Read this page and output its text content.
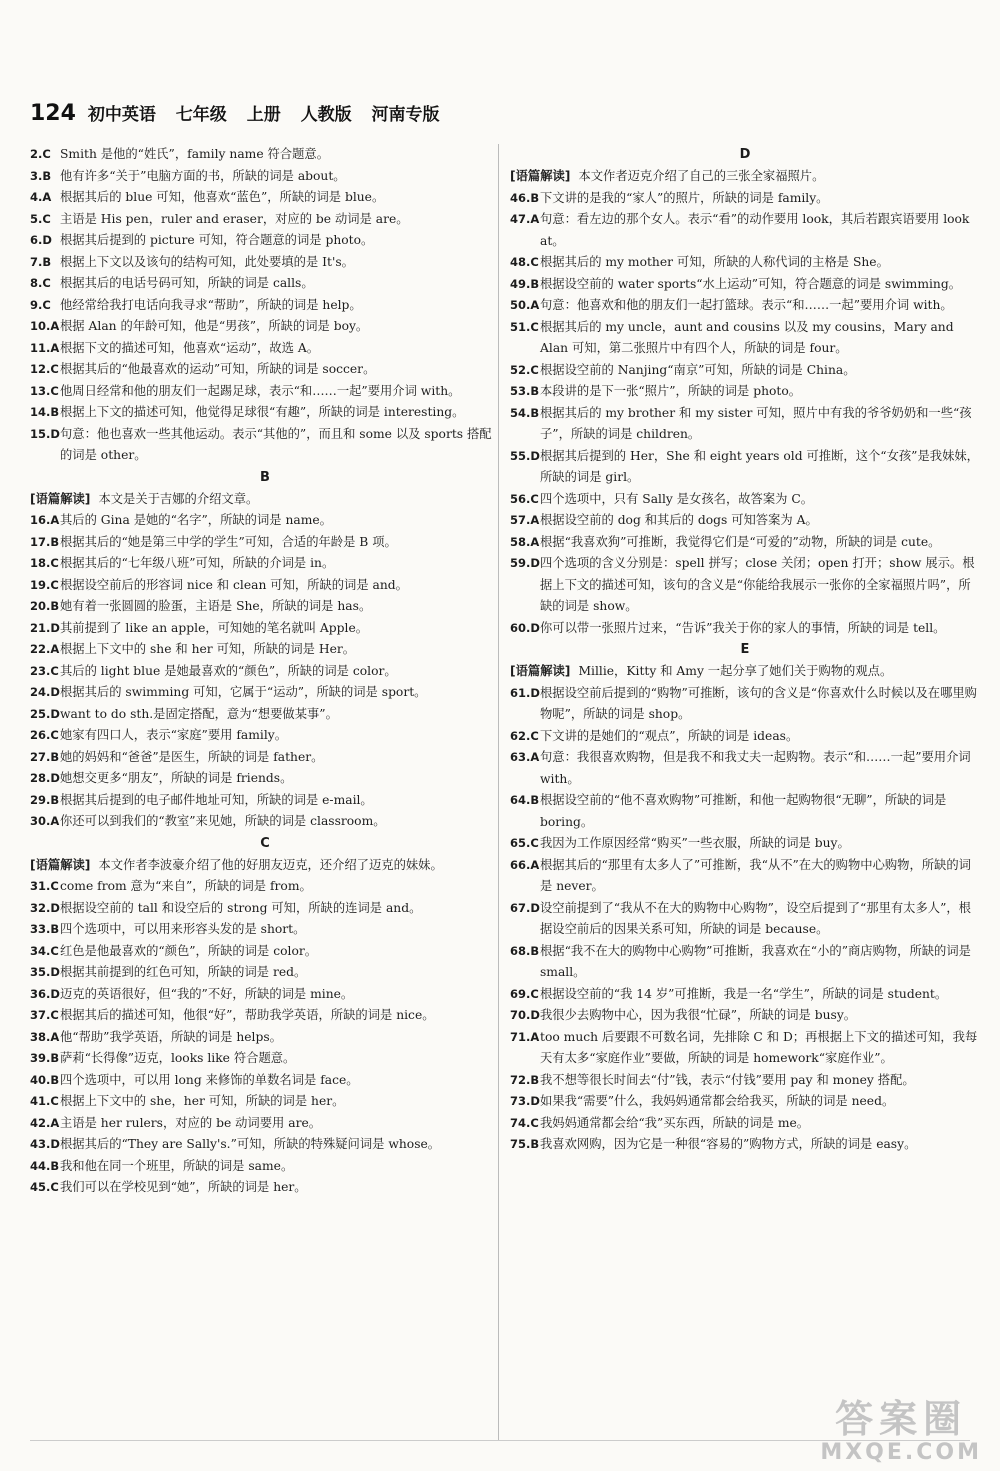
124 初中英语 七年级 上册 人教版 河南专版
2.C Smith 是他的“姓氏”，family name 符合题意。
3.B 他有许多“关于”电脑方面的书，所缺的词是 about。
4.A 根据其后的 blue 可知，他喜欢“蓝色”，所缺的词是 blue。
5.C 主语是 His pen，ruler and eraser，对应的 be 动词是 are。
6.D 根据其后提到的 picture 可知，符合题意的词是 photo。
7.B 根据上下文以及该句的结构可知，此处要填的是 It's。
8.C 根据其后的电话号码可知，所缺的词是 calls。
9.C 他经常给我打电话向我寻求“帮助”，所缺的词是 help。
10.A 根据 Alan 的年龄可知，他是“男孩”，所缺的词是 boy。
11.A 根据下文的描述可知，他喜欢“运动”，故选 A。
12.C 根据其后的“他最喜欢的运动”可知，所缺的词是 soccer。
13.C 他周日经常和他的朋友们一起踢足球，表示“和……一起”要用介词 with。
14.B 根据上下文的描述可知，他觉得足球很“有趣”，所缺的词是 interesting。
15.D 句意：他也喜欢一些其他运动。表示“其他的”，而且和 some 以及 sports 搭配的词是 other。
B
[语篇解读] 本文是关于吉娜的介绍文章。
16.A 其后的 Gina 是她的“名字”，所缺的词是 name。
17.B 根据其后的“她是第三中学的学生”可知，合适的年龄是 B 项。
18.C 根据其后的“七年级八班”可知，所缺的介词是 in。
19.C 根据设空前后的形容词 nice 和 clean 可知，所缺的词是 and。
20.B 她有着一张圆圆的脸蛋，主语是 She，所缺的词是 has。
21.D 其前提到了 like an apple，可知她的笔名就叫 Apple。
22.A 根据上下文中的 she 和 her 可知，所缺的词是 Her。
23.C 其后的 light blue 是她最喜欢的“颜色”，所缺的词是 color。
24.D 根据其后的 swimming 可知，它属于“运动”，所缺的词是 sport。
25.D want to do sth.是固定搭配，意为“想要做某事”。
26.C 她家有四口人，表示“家庭”要用 family。
27.B 她的妈妈和“爸爸”是医生，所缺的词是 father。
28.D 她想交更多“朋友”，所缺的词是 friends。
29.B 根据其后提到的电子邮件地址可知，所缺的词是 e-mail。
30.A 你还可以到我们的“教室”来见她，所缺的词是 classroom。
C
[语篇解读] 本文作者李波豪介绍了他的好朋友迈克，还介绍了迈克的妹妹。
31.C come from 意为“来自”，所缺的词是 from。
32.D 根据设空前的 tall 和设空后的 strong 可知，所缺的连词是 and。
33.B 四个选项中，可以用来形容头发的是 short。
34.C 红色是他最喜欢的“颜色”，所缺的词是 color。
35.D 根据其前提到的红色可知，所缺的词是 red。
36.D 迈克的英语很好，但“我的”不好，所缺的词是 mine。
37.C 根据其后的描述可知，他很“好”，帮助我学英语，所缺的词是 nice。
38.A 他“帮助”我学英语，所缺的词是 helps。
39.B 萨莉“长得像”迈克，looks like 符合题意。
40.B 四个选项中，可以用 long 来修饰的单数名词是 face。
41.C 根据上下文中的 she，her 可知，所缺的词是 her。
42.A 主语是 her rulers，对应的 be 动词要用 are。
43.D 根据其后的“They are Sally's.”可知，所缺的特殊疑问词是 whose。
44.B 我和他在同一个班里，所缺的词是 same。
45.C 我们可以在学校见到“她”，所缺的词是 her。
D
[语篇解读] 本文作者迈克介绍了自己的三张全家福照片。
46.B 下文讲的是我的“家人”的照片，所缺的词是 family。
47.A 句意：看左边的那个女人。表示“看”的动作要用 look，其后若跟宾语要用 look at。
48.C 根据其后的 my mother 可知，所缺的人称代词的主格是 She。
49.B 根据设空前的 water sports“水上运动”可知，符合题意的词是 swimming。
50.A 句意：他喜欢和他的朋友们一起打篮球。表示“和……一起”要用介词 with。
51.C 根据其后的 my uncle，aunt and cousins 以及 my cousins，Mary and Alan 可知，第二张照片中有四个人，所缺的词是 four。
52.C 根据设空前的 Nanjing“南京”可知，所缺的词是 China。
53.B 本段讲的是下一张“照片”，所缺的词是 photo。
54.B 根据其后的 my brother 和 my sister 可知，照片中有我的爷爷奶奶和一些“孩子”，所缺的词是 children。
55.D 根据其后提到的 Her，She 和 eight years old 可推断，这个“女孩”是我妹妹，所缺的词是 girl。
56.C 四个选项中，只有 Sally 是女孩名，故答案为 C。
57.A 根据设空前的 dog 和其后的 dogs 可知答案为 A。
58.A 根据“我喜欢狗”可推断，我觉得它们是“可爱的”动物，所缺的词是 cute。
59.D 四个选项的含义分别是：spell 拼写；close 关闭；open 打开；show 展示。根据上下文的描述可知，该句的含义是“你能给我展示一张你的全家福照片吗”，所缺的词是 show。
60.D 你可以带一张照片过来，“告诉”我关于你的家人的事情，所缺的词是 tell。
E
[语篇解读] Millie，Kitty 和 Amy 一起分享了她们关于购物的观点。
61.D 根据设空前后提到的“购物”可推断，该句的含义是“你喜欢什么时候以及在哪里购物呢”，所缺的词是 shop。
62.C 下文讲的是她们的“观点”，所缺的词是 ideas。
63.A 句意：我很喜欢购物，但是我不和我丈夫一起购物。表示“和……一起”要用介词 with。
64.B 根据设空前的“他不喜欢购物”可推断，和他一起购物很“无聊”，所缺的词是 boring。
65.C 我因为工作原因经常“购买”一些衣服，所缺的词是 buy。
66.A 根据其后的“那里有太多人了”可推断，我“从不”在大的购物中心购物，所缺的词是 never。
67.D 设空前提到了“我从不在大的购物中心购物”，设空后提到了“那里有太多人”，根据设空前后的因果关系可知，所缺的词是 because。
68.B 根据“我不在大的购物中心购物”可推断，我喜欢在“小的”商店购物，所缺的词是 small。
69.C 根据设空前的“我 14 岁”可推断，我是一名“学生”，所缺的词是 student。
70.D 我很少去购物中心，因为我很“忙碌”，所缺的词是 busy。
71.A too much 后要跟不可数名词，先排除 C 和 D；再根据上下文的描述可知，我每天有太多“家庭作业”要做，所缺的词是 homework“家庭作业”。
72.B 我不想等很长时间去“付”钱，表示“付钱”要用 pay 和 money 搭配。
73.D 如果我“需要”什么，我妈妈通常都会给我买，所缺的词是 need。
74.C 我妈妈通常都会给“我”买东西，所缺的词是 me。
75.B 我喜欢网购，因为它是一种很“容易的”购物方式，所缺的词是 easy。
答案圈
MXQE.COM
